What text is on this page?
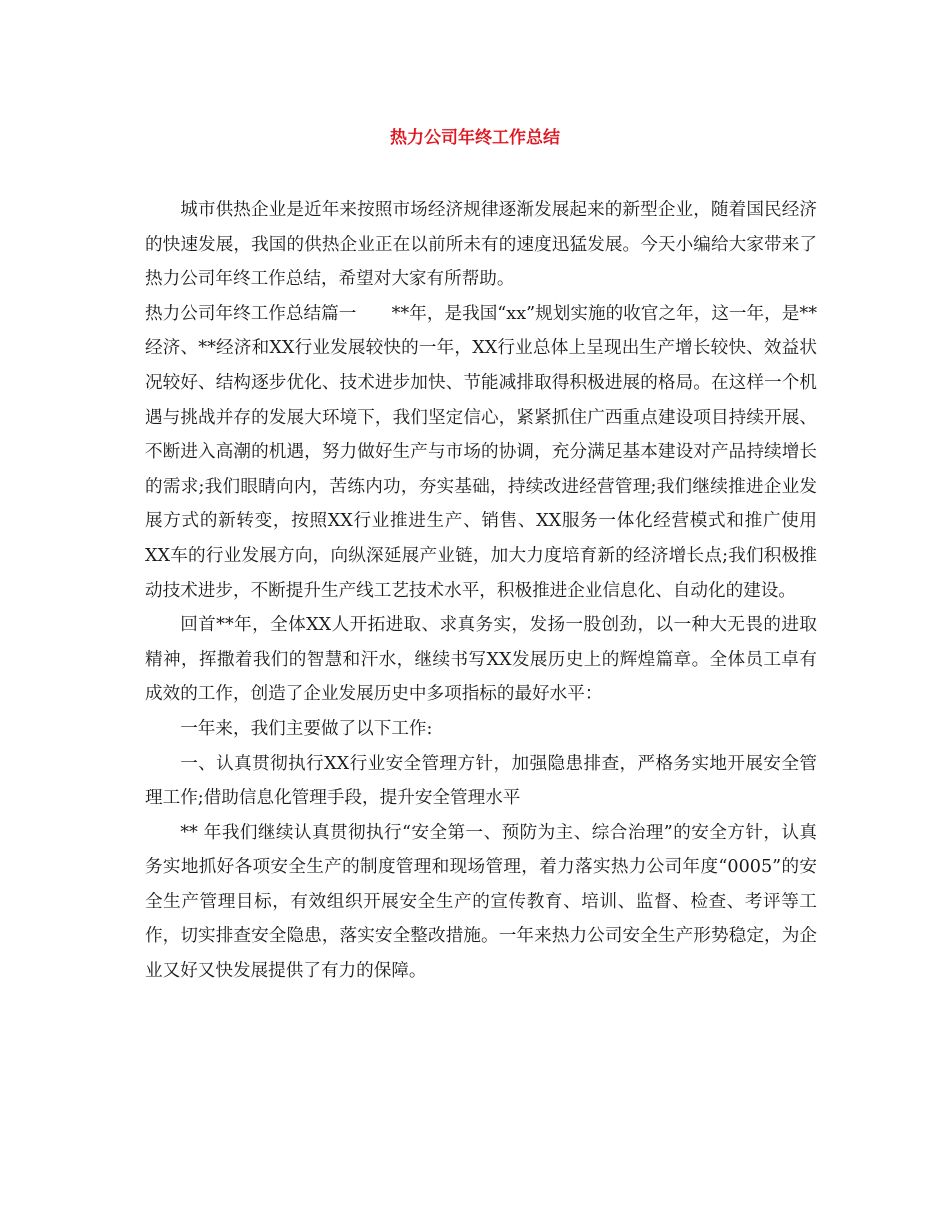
热力公司年终工作总结

城市供热企业是近年来按照市场经济规律逐渐发展起来的新型企业，随着国民经济的快速发展，我国的供热企业正在以前所未有的速度迅猛发展。今天小编给大家带来了热力公司年终工作总结，希望对大家有所帮助。

热力公司年终工作总结篇一　　**年，是我国“xx”规划实施的收官之年，这一年，是**经济、**经济和XX行业发展较快的一年，XX行业总体上呈现出生产增长较快、效益状况较好、结构逐步优化、技术进步加快、节能减排取得积极进展的格局。在这样一个机遇与挑战并存的发展大环境下，我们坚定信心，紧紧抓住广西重点建设项目持续开展、不断进入高潮的机遇，努力做好生产与市场的协调，充分满足基本建设对产品持续增长的需求;我们眼睛向内，苦练内功，夯实基础，持续改进经营管理;我们继续推进企业发展方式的新转变，按照XX行业推进生产、销售、XX服务一体化经营模式和推广使用XX车的行业发展方向，向纵深延展产业链，加大力度培育新的经济增长点;我们积极推动技术进步，不断提升生产线工艺技术水平，积极推进企业信息化、自动化的建设。

回首**年，全体XX人开拓进取、求真务实，发扬一股创劲，以一种大无畏的进取精神，挥撒着我们的智慧和汗水，继续书写XX发展历史上的辉煌篇章。全体员工卓有成效的工作，创造了企业发展历史中多项指标的最好水平：

一年来，我们主要做了以下工作:

一、认真贯彻执行XX行业安全管理方针，加强隐患排查，严格务实地开展安全管理工作;借助信息化管理手段，提升安全管理水平

** 年我们继续认真贯彻执行“安全第一、预防为主、综合治理”的安全方针，认真务实地抓好各项安全生产的制度管理和现场管理，着力落实热力公司年度“0005”的安全生产管理目标，有效组织开展安全生产的宣传教育、培训、监督、检查、考评等工作，切实排查安全隐患，落实安全整改措施。一年来热力公司安全生产形势稳定，为企业又好又快发展提供了有力的保障。
